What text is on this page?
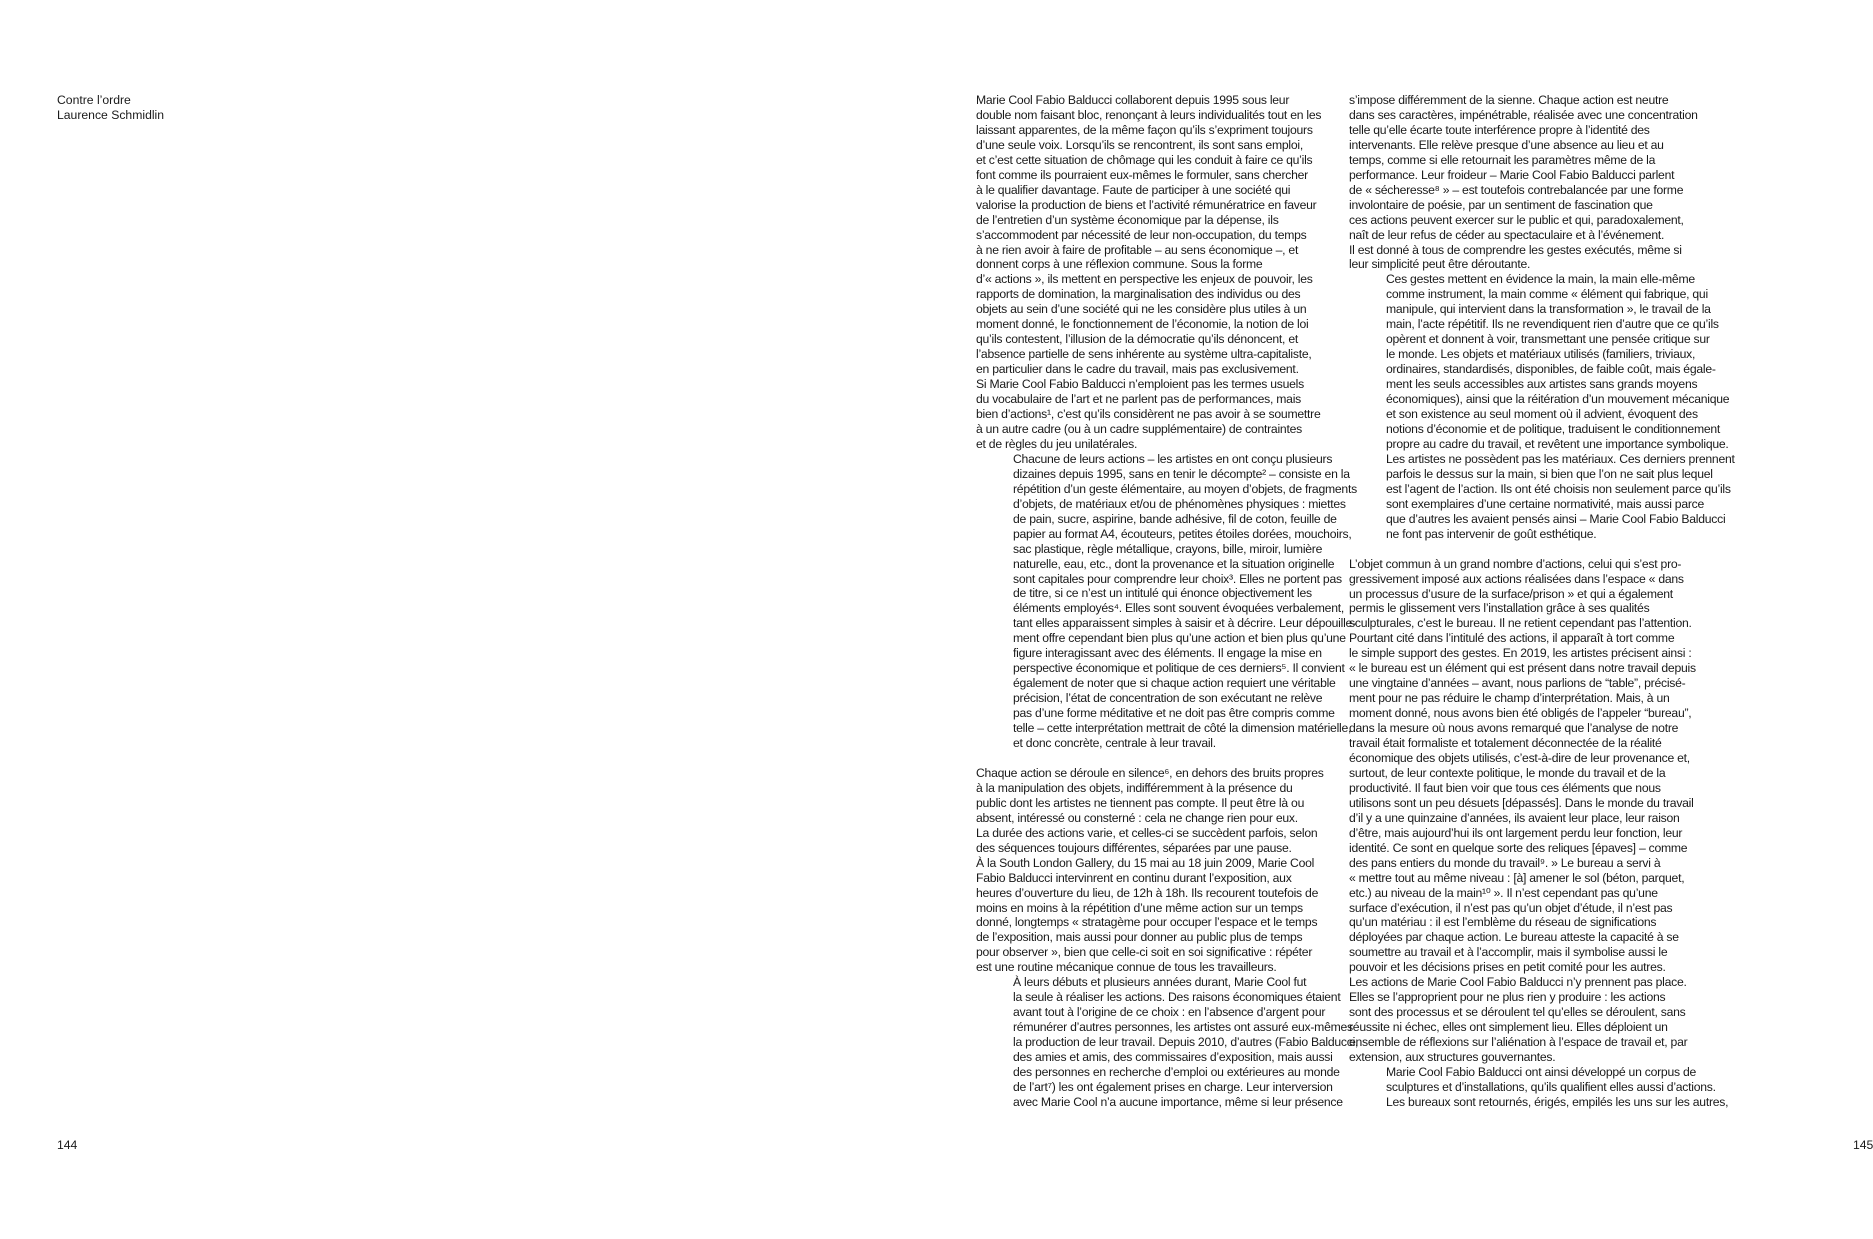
Contre l’ordre
Laurence Schmidlin
144	145

Marie Cool Fabio Balducci collaborent depuis 1995 sous leur
double nom faisant bloc, renonçant à leurs individualités tout en les
laissant apparentes, de la même façon qu’ils s’expriment toujours
d’une seule voix. Lorsqu’ils se rencontrent, ils sont sans emploi,
et c’est cette situation de chômage qui les conduit à faire ce qu’ils
font comme ils pourraient eux-mêmes le formuler, sans chercher
à le qualifier davantage. Faute de participer à une société qui
valorise la production de biens et l’activité rémunératrice en faveur
de l’entretien d’un système économique par la dépense, ils
s’accommodent par nécessité de leur non-occupation, du temps
à ne rien avoir à faire de profitable – au sens économique –, et
donnent corps à une réflexion commune. Sous la forme
d’« actions », ils mettent en perspective les enjeux de pouvoir, les
rapports de domination, la marginalisation des individus ou des
objets au sein d’une société qui ne les considère plus utiles à un
moment donné, le fonctionnement de l’économie, la notion de loi
qu’ils contestent, l’illusion de la démocratie qu’ils dénoncent, et
l’absence partielle de sens inhérente au système ultra-capitaliste,
en particulier dans le cadre du travail, mais pas exclusivement.
Si Marie Cool Fabio Balducci n’emploient pas les termes usuels
du vocabulaire de l’art et ne parlent pas de performances, mais
bien d’actions¹, c’est qu’ils considèrent ne pas avoir à se soumettre
à un autre cadre (ou à un cadre supplémentaire) de contraintes
et de règles du jeu unilatérales.

Chacune de leurs actions – les artistes en ont conçu plusieurs
dizaines depuis 1995, sans en tenir le décompte² – consiste en la
répétition d’un geste élémentaire, au moyen d’objets, de fragments
d’objets, de matériaux et/ou de phénomènes physiques : miettes
de pain, sucre, aspirine, bande adhésive, fil de coton, feuille de
papier au format A4, écouteurs, petites étoiles dorées, mouchoirs,
sac plastique, règle métallique, crayons, bille, miroir, lumière
naturelle, eau, etc., dont la provenance et la situation originelle
sont capitales pour comprendre leur choix³. Elles ne portent pas
de titre, si ce n’est un intitulé qui énonce objectivement les
éléments employés⁴. Elles sont souvent évoquées verbalement,
tant elles apparaissent simples à saisir et à décrire. Leur dépouille-
ment offre cependant bien plus qu’une action et bien plus qu’une
figure interagissant avec des éléments. Il engage la mise en
perspective économique et politique de ces derniers⁵. Il convient
également de noter que si chaque action requiert une véritable
précision, l’état de concentration de son exécutant ne relève
pas d’une forme méditative et ne doit pas être compris comme
telle – cette interprétation mettrait de côté la dimension matérielle,
et donc concrète, centrale à leur travail.

Chaque action se déroule en silence⁶, en dehors des bruits propres
à la manipulation des objets, indifféremment à la présence du
public dont les artistes ne tiennent pas compte. Il peut être là ou
absent, intéressé ou consterné : cela ne change rien pour eux.
La durée des actions varie, et celles-ci se succèdent parfois, selon
des séquences toujours différentes, séparées par une pause.
À la South London Gallery, du 15 mai au 18 juin 2009, Marie Cool
Fabio Balducci intervinrent en continu durant l’exposition, aux
heures d’ouverture du lieu, de 12h à 18h. Ils recourent toutefois de
moins en moins à la répétition d’une même action sur un temps
donné, longtemps « stratagème pour occuper l’espace et le temps
de l’exposition, mais aussi pour donner au public plus de temps
pour observer », bien que celle-ci soit en soi significative : répéter
est une routine mécanique connue de tous les travailleurs.

À leurs débuts et plusieurs années durant, Marie Cool fut
la seule à réaliser les actions. Des raisons économiques étaient
avant tout à l’origine de ce choix : en l’absence d’argent pour
rémunérer d’autres personnes, les artistes ont assuré eux-mêmes
la production de leur travail. Depuis 2010, d’autres (Fabio Balducci,
des amies et amis, des commissaires d’exposition, mais aussi
des personnes en recherche d’emploi ou extérieures au monde
de l’art⁷) les ont également prises en charge. Leur interversion
avec Marie Cool n’a aucune importance, même si leur présence

s’impose différemment de la sienne. Chaque action est neutre
dans ses caractères, impénétrable, réalisée avec une concentration
telle qu’elle écarte toute interférence propre à l’identité des
intervenants. Elle relève presque d’une absence au lieu et au
temps, comme si elle retournait les paramètres même de la
performance. Leur froideur – Marie Cool Fabio Balducci parlent
de « sécheresse⁸ » – est toutefois contrebalancée par une forme
involontaire de poésie, par un sentiment de fascination que
ces actions peuvent exercer sur le public et qui, paradoxalement,
naît de leur refus de céder au spectaculaire et à l’événement.
Il est donné à tous de comprendre les gestes exécutés, même si
leur simplicité peut être déroutante.

Ces gestes mettent en évidence la main, la main elle-même
comme instrument, la main comme « élément qui fabrique, qui
manipule, qui intervient dans la transformation », le travail de la
main, l’acte répétitif. Ils ne revendiquent rien d’autre que ce qu’ils
opèrent et donnent à voir, transmettant une pensée critique sur
le monde. Les objets et matériaux utilisés (familiers, triviaux,
ordinaires, standardisés, disponibles, de faible coût, mais égale-
ment les seuls accessibles aux artistes sans grands moyens
économiques), ainsi que la réitération d’un mouvement mécanique
et son existence au seul moment où il advient, évoquent des
notions d’économie et de politique, traduisent le conditionnement
propre au cadre du travail, et revêtent une importance symbolique.
Les artistes ne possèdent pas les matériaux. Ces derniers prennent
parfois le dessus sur la main, si bien que l’on ne sait plus lequel
est l’agent de l’action. Ils ont été choisis non seulement parce qu’ils
sont exemplaires d’une certaine normativité, mais aussi parce
que d’autres les avaient pensés ainsi – Marie Cool Fabio Balducci
ne font pas intervenir de goût esthétique.

L’objet commun à un grand nombre d’actions, celui qui s’est pro-
gressivement imposé aux actions réalisées dans l’espace « dans
un processus d’usure de la surface/prison » et qui a également
permis le glissement vers l’installation grâce à ses qualités
sculpturales, c’est le bureau. Il ne retient cependant pas l’attention.
Pourtant cité dans l’intitulé des actions, il apparaît à tort comme
le simple support des gestes. En 2019, les artistes précisent ainsi :
« le bureau est un élément qui est présent dans notre travail depuis
une vingtaine d’années – avant, nous parlions de “table”, précisé-
ment pour ne pas réduire le champ d’interprétation. Mais, à un
moment donné, nous avons bien été obligés de l’appeler “bureau”,
dans la mesure où nous avons remarqué que l’analyse de notre
travail était formaliste et totalement déconnectée de la réalité
économique des objets utilisés, c’est-à-dire de leur provenance et,
surtout, de leur contexte politique, le monde du travail et de la
productivité. Il faut bien voir que tous ces éléments que nous
utilisons sont un peu désuets [dépassés]. Dans le monde du travail
d’il y a une quinzaine d’années, ils avaient leur place, leur raison
d’être, mais aujourd’hui ils ont largement perdu leur fonction, leur
identité. Ce sont en quelque sorte des reliques [épaves] – comme
des pans entiers du monde du travail⁹. » Le bureau a servi à
« mettre tout au même niveau : [à] amener le sol (béton, parquet,
etc.) au niveau de la main¹⁰ ». Il n’est cependant pas qu’une
surface d’exécution, il n’est pas qu’un objet d’étude, il n’est pas
qu’un matériau : il est l’emblème du réseau de significations
déployées par chaque action. Le bureau atteste la capacité à se
soumettre au travail et à l’accomplir, mais il symbolise aussi le
pouvoir et les décisions prises en petit comité pour les autres.
Les actions de Marie Cool Fabio Balducci n’y prennent pas place.
Elles se l’approprient pour ne plus rien y produire : les actions
sont des processus et se déroulent tel qu’elles se déroulent, sans
réussite ni échec, elles ont simplement lieu. Elles déploient un
ensemble de réflexions sur l’aliénation à l’espace de travail et, par
extension, aux structures gouvernantes.

Marie Cool Fabio Balducci ont ainsi développé un corpus de
sculptures et d’installations, qu’ils qualifient elles aussi d’actions.
Les bureaux sont retournés, érigés, empilés les uns sur les autres,
